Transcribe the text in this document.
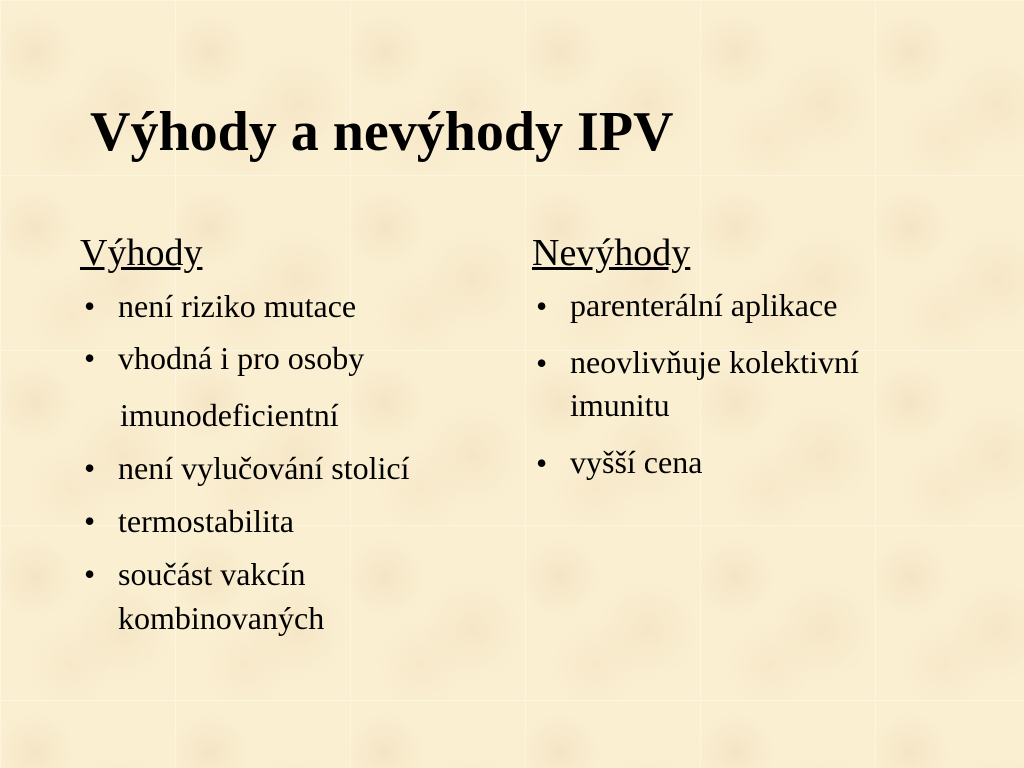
Výhody a nevýhody IPV
Výhody
• není riziko mutace
• vhodná i pro osoby
imunodeficientní
• není vylučování stolicí
• termostabilita
• součást vakcín kombinovaných
Nevýhody
• parenterální aplikace
• neovlivňuje kolektivní imunitu
• vyšší cena
